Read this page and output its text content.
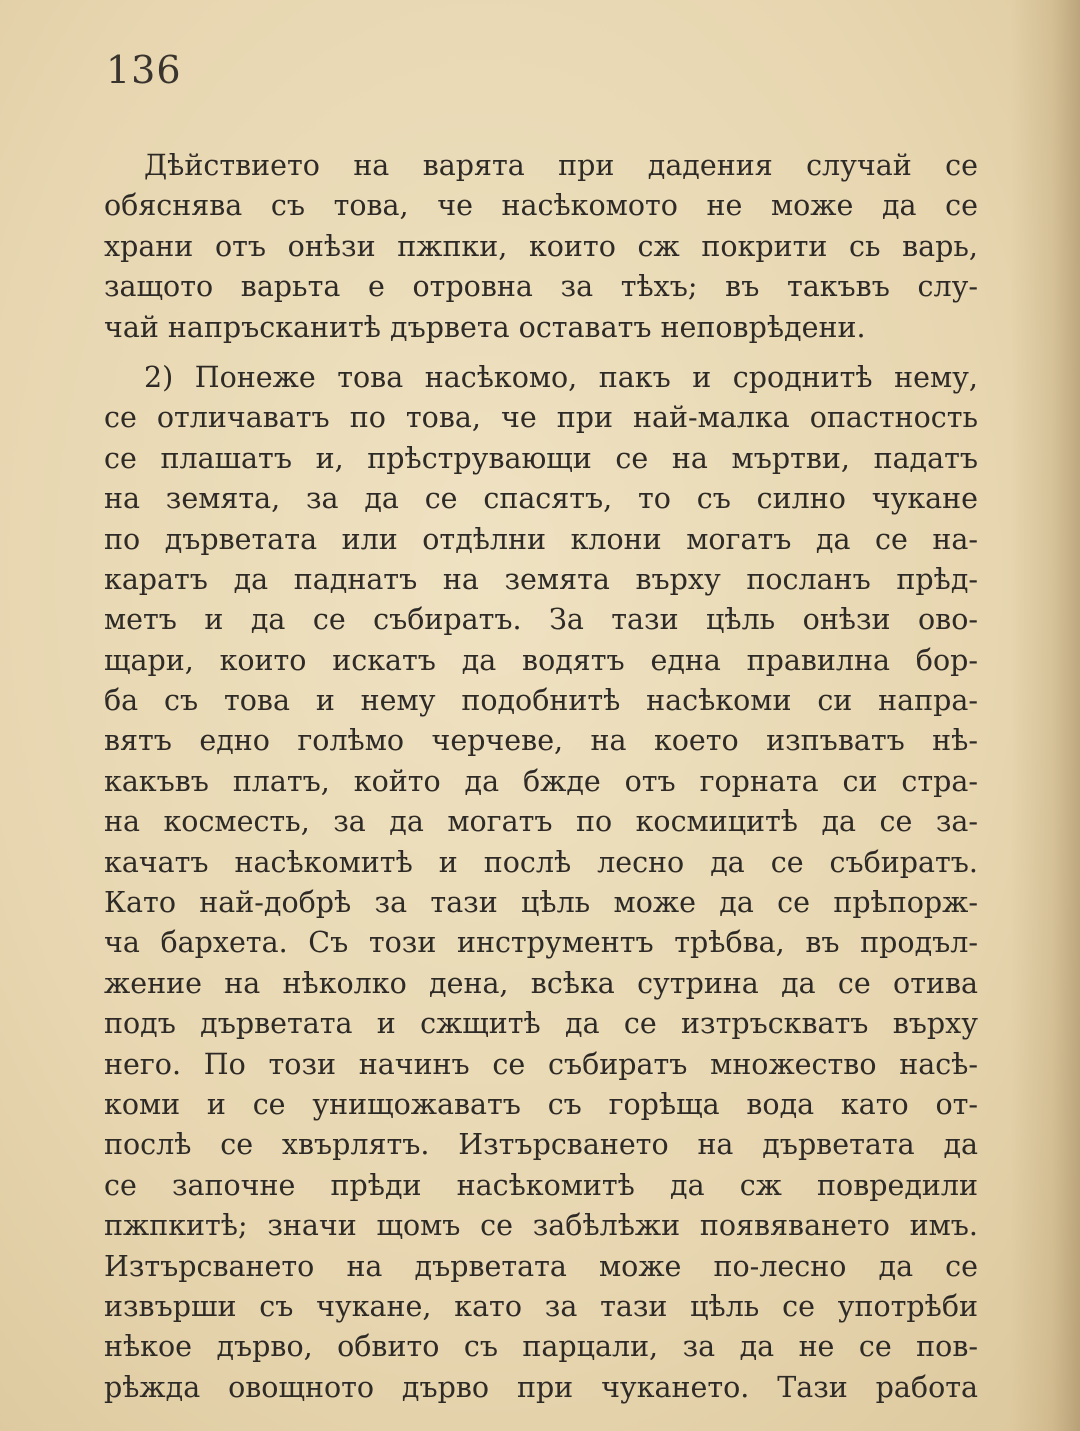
136
Дѣйствието на варята при дадения случай се
обяснява съ това, че насѣкомото не може да се
храни отъ онѣзи пжпки, които сж покрити сь варь,
защото варьта е отровна за тѣхъ; въ такъвъ слу-
чай напръсканитѣ дървета оставатъ неповрѣдени.
2) Понеже това насѣкомо, пакъ и сроднитѣ нему,
се отличаватъ по това, че при най-малка опастность
се плашатъ и, прѣструвающи се на мъртви, падатъ
на земята, за да се спасятъ, то съ силно чукане
по дърветата или отдѣлни клони могатъ да се на-
каратъ да паднатъ на земята върху посланъ прѣд-
метъ и да се събиратъ. За тази цѣль онѣзи ово-
щари, които искатъ да водятъ една правилна бор-
ба съ това и нему подобнитѣ насѣкоми си напра-
вятъ едно голѣмо черчеве, на което изпъватъ нѣ-
какъвъ платъ, който да бжде отъ горната си стра-
на косместь, за да могатъ по космицитѣ да се за-
качатъ насѣкомитѣ и послѣ лесно да се събиратъ.
Като най-добрѣ за тази цѣль може да се прѣпорж-
ча бархета. Съ този инструментъ трѣбва, въ продъл-
жение на нѣколко дена, всѣка сутрина да се отива
подъ дърветата и сжщитѣ да се изтръскватъ върху
него. По този начинъ се събиратъ множество насѣ-
коми и се унищожаватъ съ горѣща вода като от-
послѣ се хвърлятъ. Изтърсването на дърветата да
се започне прѣди насѣкомитѣ да сж повредили
пжпкитѣ; значи щомъ се забѣлѣжи появяването имъ.
Изтърсването на дърветата може по-лесно да се
извърши съ чукане, като за тази цѣль се употрѣби
нѣкое дърво, обвито съ парцали, за да не се пов-
рѣжда овощното дърво при чукането. Тази работа
